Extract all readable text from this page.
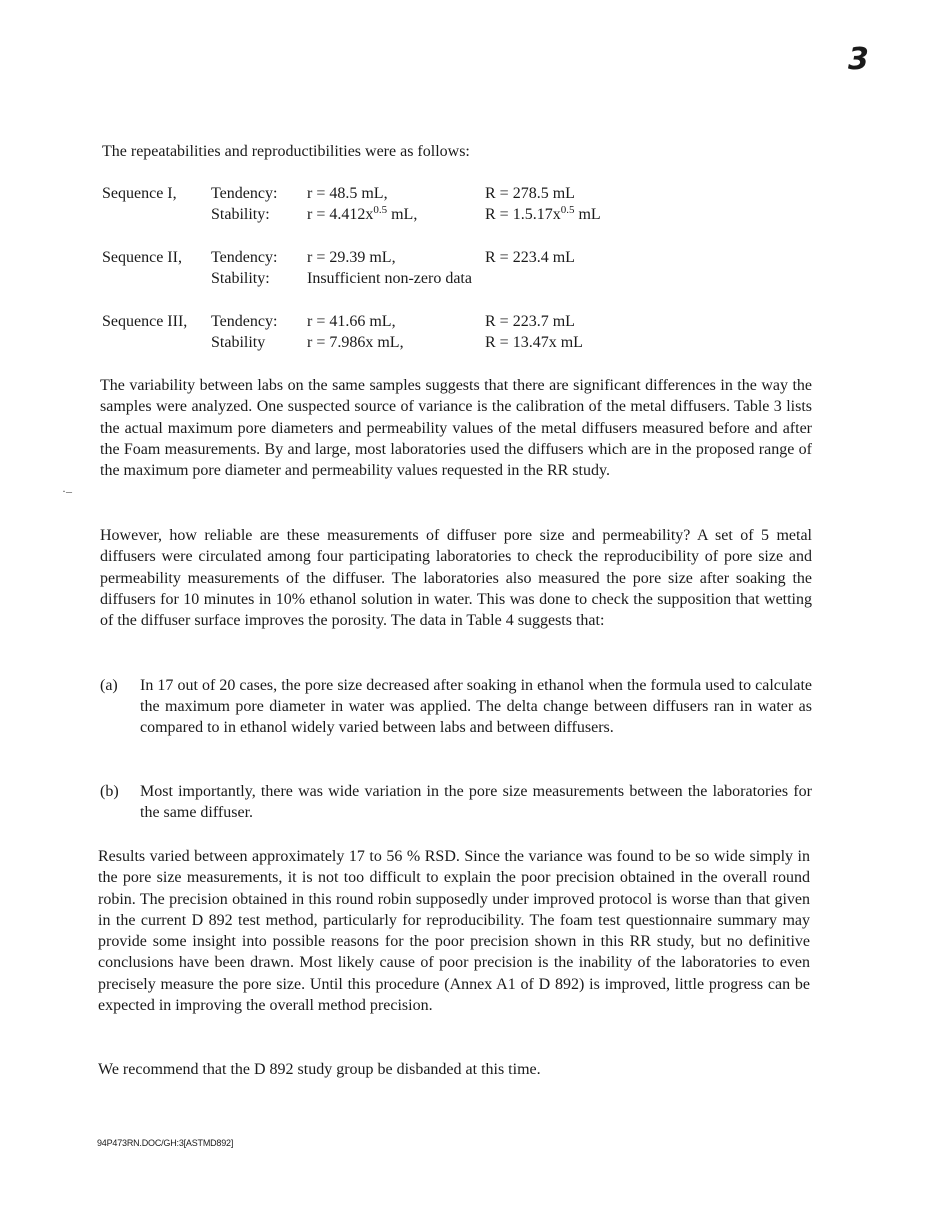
3

The repeatabilities and reproductibilities were as follows:

Sequence I, Tendency: r = 48.5 mL,	R = 278.5 mL
Stability: $r = 4.412x^{0.5}$ mL,	$R = 1.5.17x^{0.5}$ mL
Sequence II, Tendency: r = 29.39 mL,	R = 223.4 mL
Stability: Insufficient non-zero data
Sequence III, Tendency: r = 41.66 mL,	R = 223.7 mL
Stability	r = 7.986x mL,	R = 13.47x mL

The variability between labs on the same samples suggests that there are significant differences in the way the samples were analyzed. One suspected source of variance is the calibration of the metal diffusers. Table 3 lists the actual maximum pore diameters and permeability values of the metal diffusers measured before and after the Foam measurements. By and large, most laboratories used the diffusers which are in the proposed range of the maximum pore diameter and permeability values requested in the RR study.

·–

However, how reliable are these measurements of diffuser pore size and permeability? A set of 5 metal diffusers were circulated among four participating laboratories to check the reproducibility of pore size and permeability measurements of the diffuser. The laboratories also measured the pore size after soaking the diffusers for 10 minutes in 10% ethanol solution in water. This was done to check the supposition that wetting of the diffuser surface improves the porosity. The data in Table 4 suggests that:

(a) In 17 out of 20 cases, the pore size decreased after soaking in ethanol when the formula used to calculate the maximum pore diameter in water was applied. The delta change between diffusers ran in water as compared to in ethanol widely varied between labs and between diffusers.
(b) Most importantly, there was wide variation in the pore size measurements between the laboratories for the same diffuser.

Results varied between approximately 17 to 56 % RSD. Since the variance was found to be so wide simply in the pore size measurements, it is not too difficult to explain the poor precision obtained in the overall round robin. The precision obtained in this round robin supposedly under improved protocol is worse than that given in the current D 892 test method, particularly for reproducibility. The foam test questionnaire summary may provide some insight into possible reasons for the poor precision shown in this RR study, but no definitive conclusions have been drawn. Most likely cause of poor precision is the inability of the laboratories to even precisely measure the pore size. Until this procedure (Annex A1 of D 892) is improved, little progress can be expected in improving the overall method precision.

We recommend that the D 892 study group be disbanded at this time.

94P473RN.DOC/GH:3[ASTMD892]
